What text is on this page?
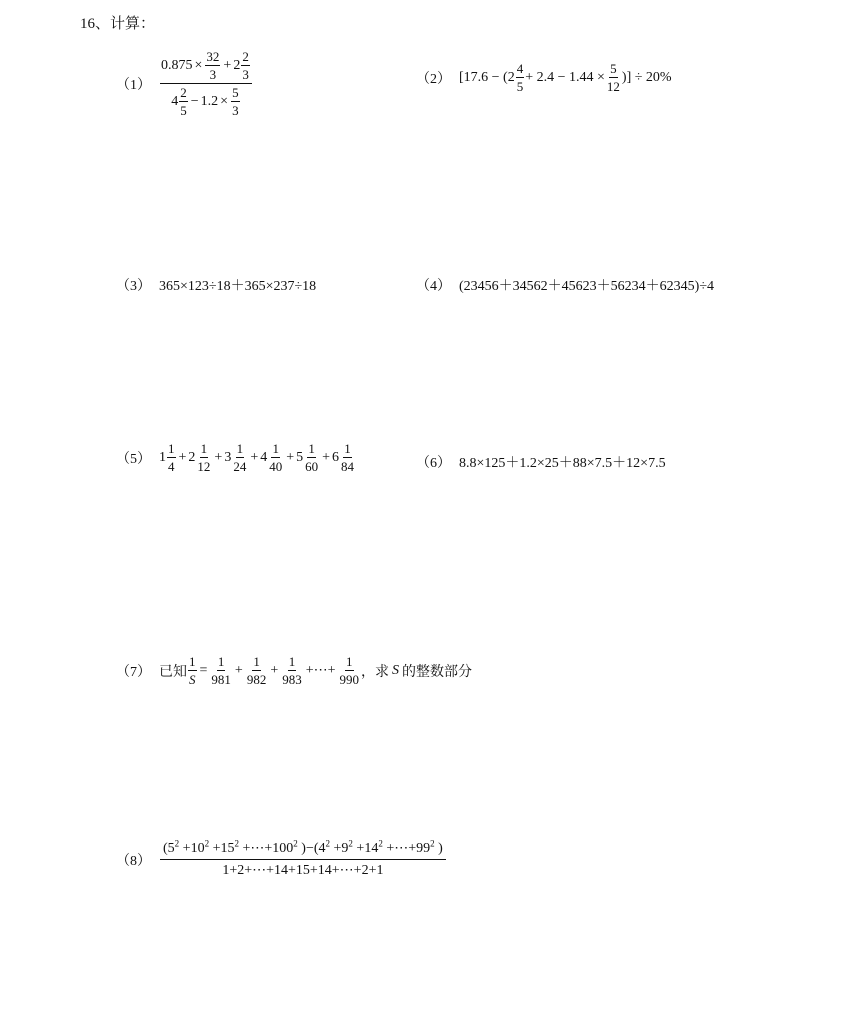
16、计算：
$(1) \frac{0.875 \times \frac{32}{3} + 2 \frac{2}{3}}{4 \frac{2}{5} - 1.2 \times \frac{5}{3}}$	（2） [$17.6 - (2 \frac{4}{5} + 2.4 - 1.44 \times \frac{5}{12}$ )] ÷ 20%
（3） 365×123÷18＋365×237÷18	（4） (23456＋34562＋45623＋56234＋62345)÷4
（5） $1 \frac{1}{4} + 2 \frac{1}{12} + 3 \frac{1}{24} + 4 \frac{1}{40} + 5 \frac{1}{60} + 6 \frac{1}{84}$	（6） 8.8×125＋1.2×25＋88×7.5＋12×7.5
（7） 已知 $\frac{1}{S} = \frac{1}{981} + \frac{1}{982} + \frac{1}{983}$ +⋯+ $\frac{1}{990}$ ，求 S 的整数部分
（8）
($5^2 +10^2 +15^2$ $+\cdots+100^2$ )$-(4^2 +9^2 +14^2$ $+\cdots+99^2$ )
1+2+⋯+14+15+14+⋯+2+1
